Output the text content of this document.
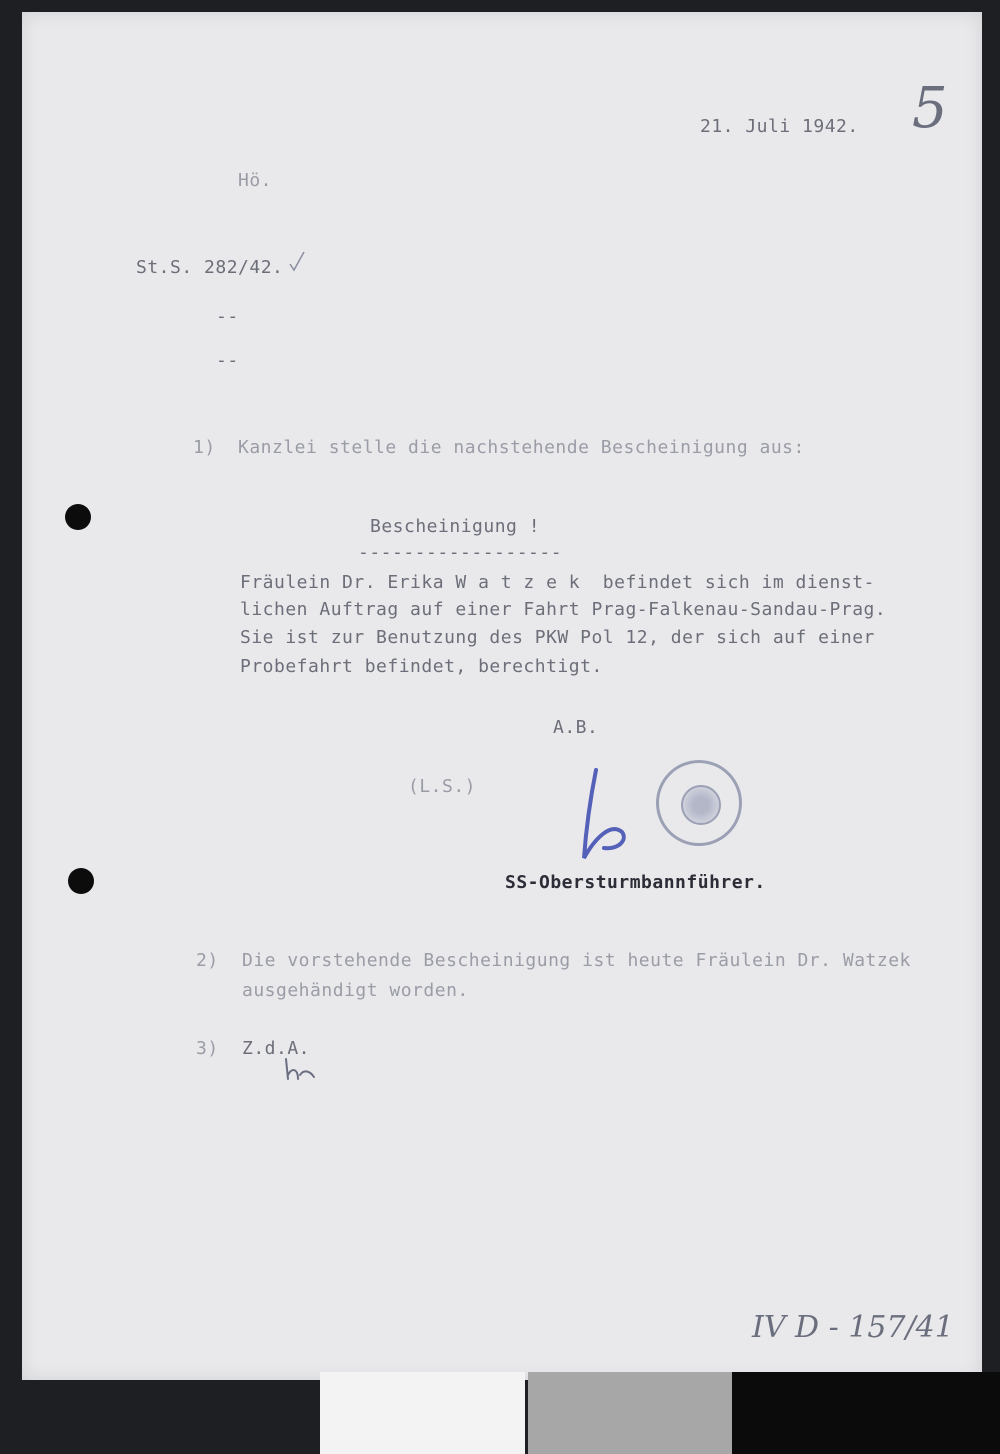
21. Juli 1942. 5
Hö.
St.S. 282/42.
--
--
1) Kanzlei stelle die nachstehende Bescheinigung aus:
Bescheinigung !
------------------
Fräulein Dr. Erika W a t z e k  befindet sich im dienst-
lichen Auftrag auf einer Fahrt Prag-Falkenau-Sandau-Prag.
Sie ist zur Benutzung des PKW Pol 12, der sich auf einer
Probefahrt befindet, berechtigt.
A.B.
(L.S.)
SS-Obersturmbannführer.
2) Die vorstehende Bescheinigung ist heute Fräulein Dr. Watzek
ausgehändigt worden.
3) Z.d.A.
IV D - 157/41
